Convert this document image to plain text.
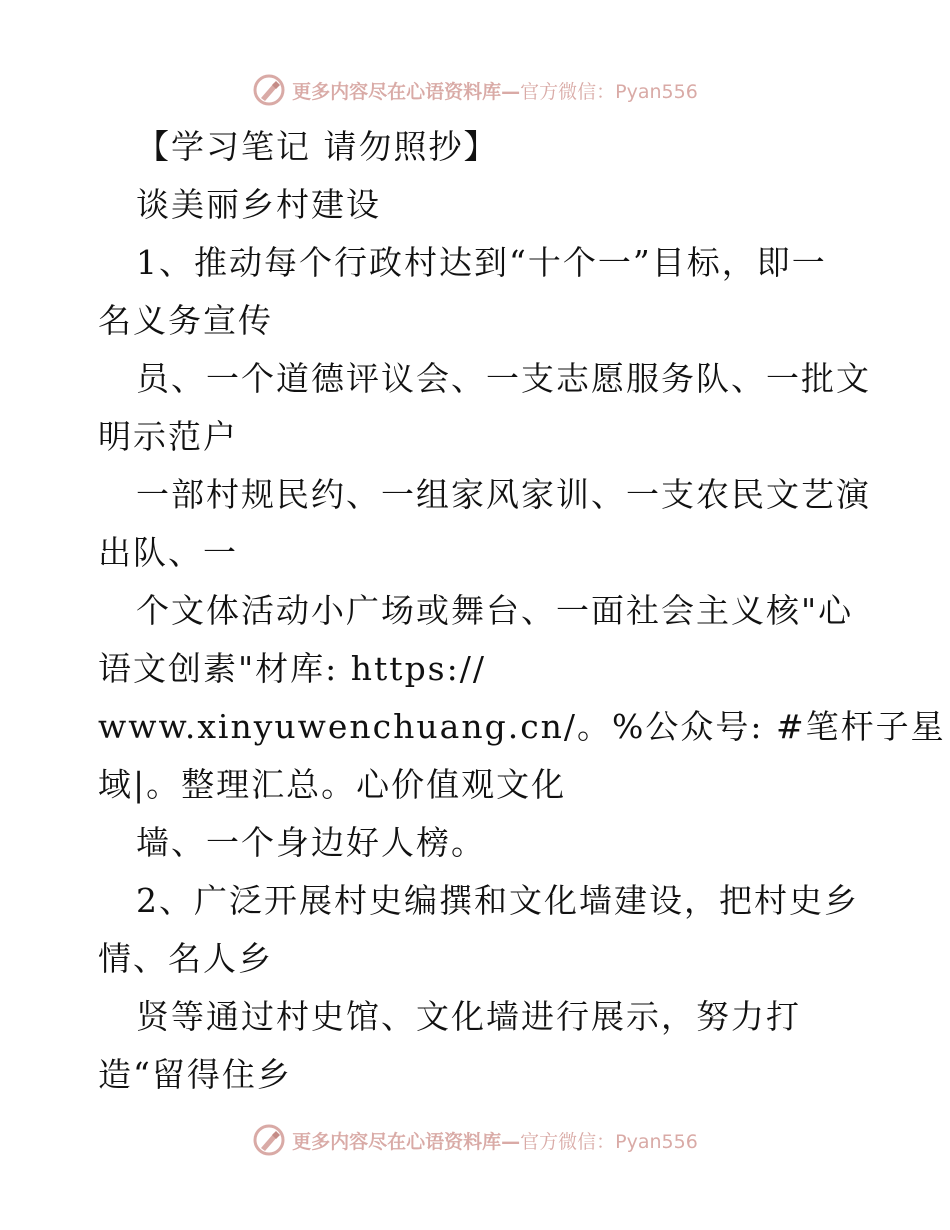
更多内容尽在心语资料库— 官方微信：Pyan556

【学习笔记 请勿照抄】

谈美丽乡村建设

1、推动每个行政村达到“十个一”目标，即一

名义务宣传

员、一个道德评议会、一支志愿服务队、一批文

明示范户

一部村规民约、一组家风家训、一支农民文艺演

出队、一

个文体活动小广场或舞台、一面社会主义核"心

语文创素"材库: https://

www.xinyuwenchuang.cn/。%公众号: #笔杆子星

域|。整理汇总。心价值观文化

墙、一个身边好人榜。

2、广泛开展村史编撰和文化墙建设，把村史乡

情、名人乡

贤等通过村史馆、文化墙进行展示，努力打

造“留得住乡

更多内容尽在心语资料库— 官方微信：Pyan556
